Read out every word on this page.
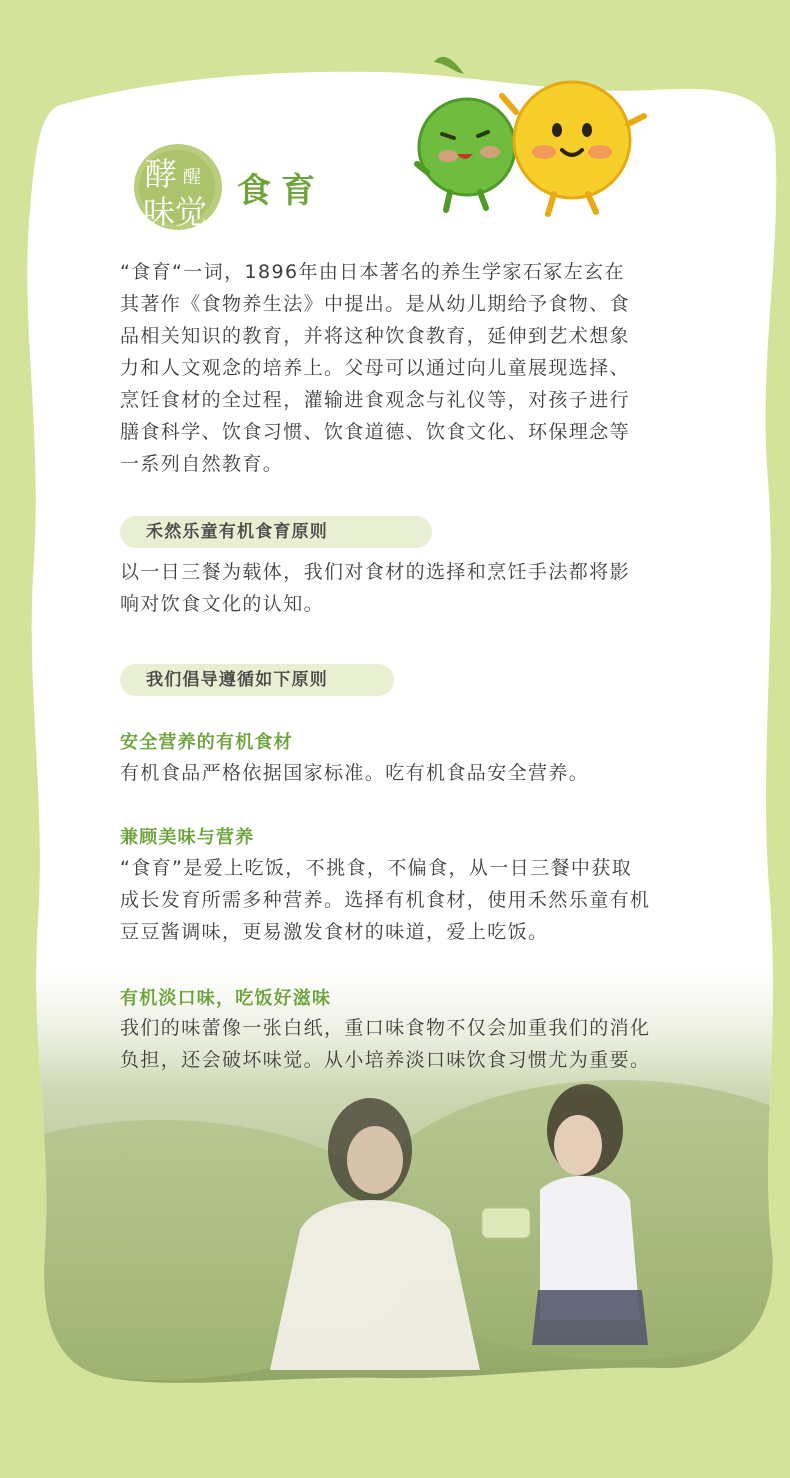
酵 醒
味觉
食育
“食育“一词，1896年由日本著名的养生学家石冢左玄在
其著作《食物养生法》中提出。是从幼儿期给予食物、食
品相关知识的教育，并将这种饮食教育，延伸到艺术想象
力和人文观念的培养上。父母可以通过向儿童展现选择、
烹饪食材的全过程，灌输进食观念与礼仪等，对孩子进行
膳食科学、饮食习惯、饮食道德、饮食文化、环保理念等
一系列自然教育。
禾然乐童有机食育原则
以一日三餐为载体，我们对食材的选择和烹饪手法都将影
响对饮食文化的认知。
我们倡导遵循如下原则
安全营养的有机食材
有机食品严格依据国家标准。吃有机食品安全营养。
兼顾美味与营养
“食育”是爱上吃饭，不挑食，不偏食，从一日三餐中获取
成长发育所需多种营养。选择有机食材，使用禾然乐童有机
豆豆酱调味，更易激发食材的味道，爱上吃饭。
有机淡口味，吃饭好滋味
我们的味蕾像一张白纸，重口味食物不仅会加重我们的消化
负担，还会破坏味觉。从小培养淡口味饮食习惯尤为重要。
